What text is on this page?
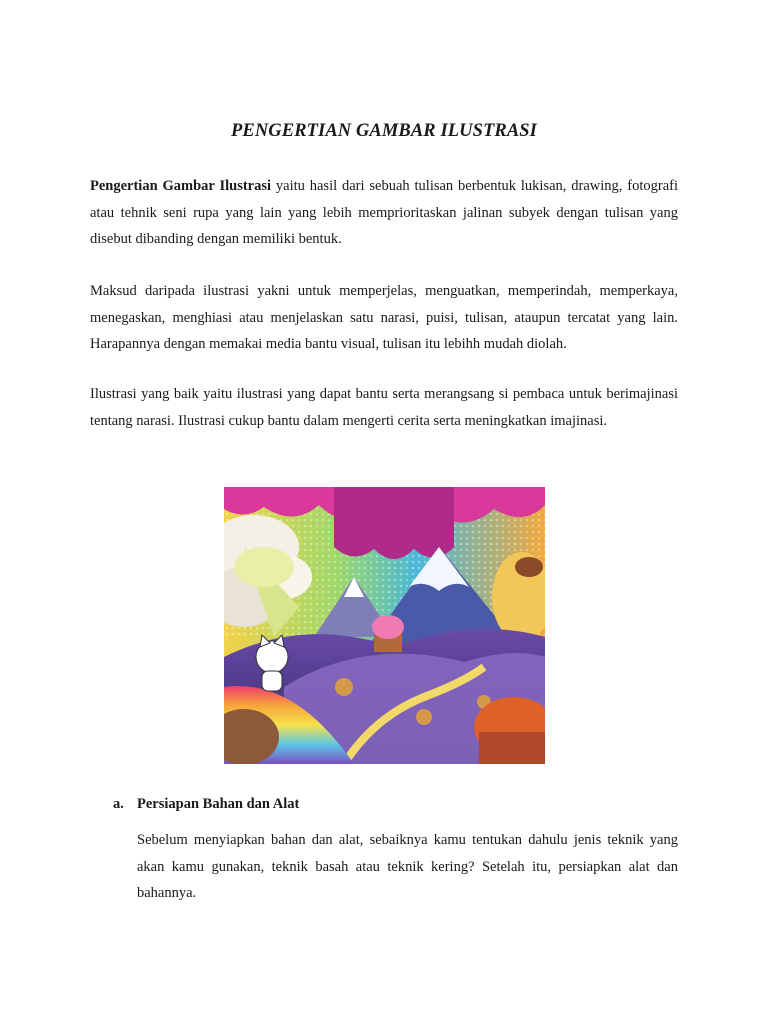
PENGERTIAN GAMBAR ILUSTRASI

Pengertian Gambar Ilustrasi yaitu hasil dari sebuah tulisan berbentuk lukisan, drawing, fotografi atau tehnik seni rupa yang lain yang lebih memprioritaskan jalinan subyek dengan tulisan yang disebut dibanding dengan memiliki bentuk.

Maksud daripada ilustrasi yakni untuk memperjelas, menguatkan, memperindah, memperkaya, menegaskan, menghiasi atau menjelaskan satu narasi, puisi, tulisan, ataupun tercatat yang lain. Harapannya dengan memakai media bantu visual, tulisan itu lebihh mudah diolah.

Ilustrasi yang baik yaitu ilustrasi yang dapat bantu serta merangsang si pembaca untuk berimajinasi tentang narasi. Ilustrasi cukup bantu dalam mengerti cerita serta meningkatkan imajinasi.

a. Persiapan Bahan dan Alat

Sebelum menyiapkan bahan dan alat, sebaiknya kamu tentukan dahulu jenis teknik yang akan kamu gunakan, teknik basah atau teknik kering? Setelah itu, persiapkan alat dan bahannya.
